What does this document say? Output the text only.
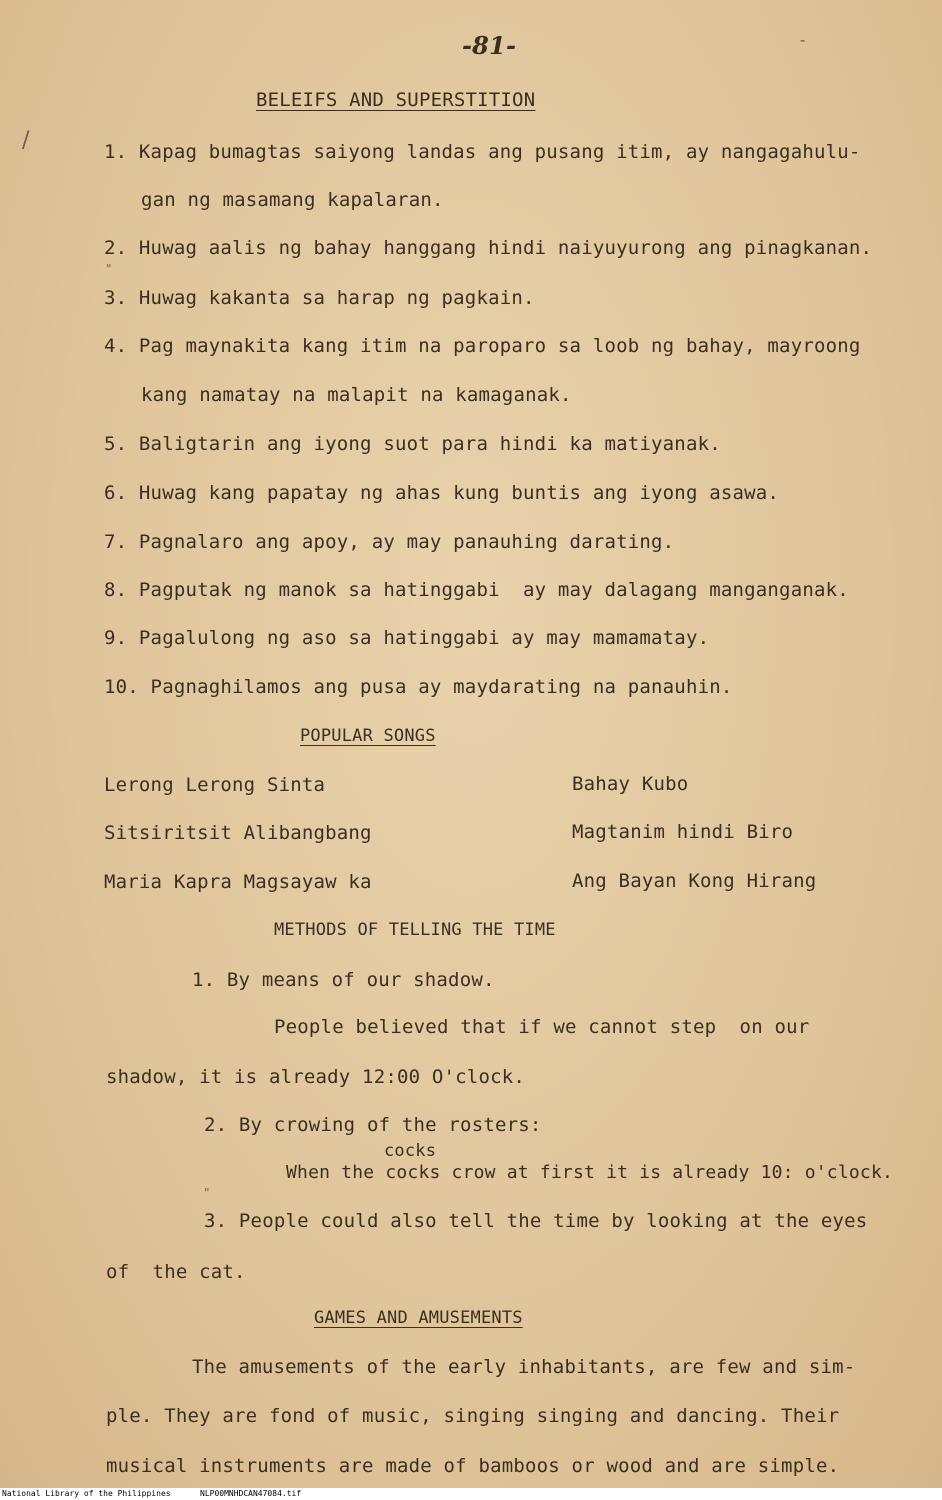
-81-	-
/
"
"
BELEIFS AND SUPERSTITION
1. Kapag bumagtas saiyong landas ang pusang itim, ay nangagahulu-
gan ng masamang kapalaran.
2. Huwag aalis ng bahay hanggang hindi naiyuyurong ang pinagkanan.
3. Huwag kakanta sa harap ng pagkain.
4. Pag maynakita kang itim na paroparo sa loob ng bahay, mayroong
kang namatay na malapit na kamaganak.
5. Baligtarin ang iyong suot para hindi ka matiyanak.
6. Huwag kang papatay ng ahas kung buntis ang iyong asawa.
7. Pagnalaro ang apoy, ay may panauhing darating.
8. Pagputak ng manok sa hatinggabi  ay may dalagang manganganak.
9. Pagalulong ng aso sa hatinggabi ay may mamamatay.
10. Pagnaghilamos ang pusa ay maydarating na panauhin.
POPULAR SONGS
Lerong Lerong Sinta
Sitsiritsit Alibangbang
Maria Kapra Magsayaw ka
Bahay Kubo
Magtanim hindi Biro
Ang Bayan Kong Hirang
METHODS OF TELLING THE TIME
1. By means of our shadow.
People believed that if we cannot step  on our
shadow, it is already 12:00 O'clock.
2. By crowing of the rosters:
cocks
When the cocks crow at first it is already 10: o'clock.
3. People could also tell the time by looking at the eyes
of  the cat.
GAMES AND AMUSEMENTS
The amusements of the early inhabitants, are few and sim-
ple. They are fond of music, singing singing and dancing. Their
musical instruments are made of bamboos or wood and are simple.
National Library of the Philippines	NLP00MNHDCAN47084.tif
